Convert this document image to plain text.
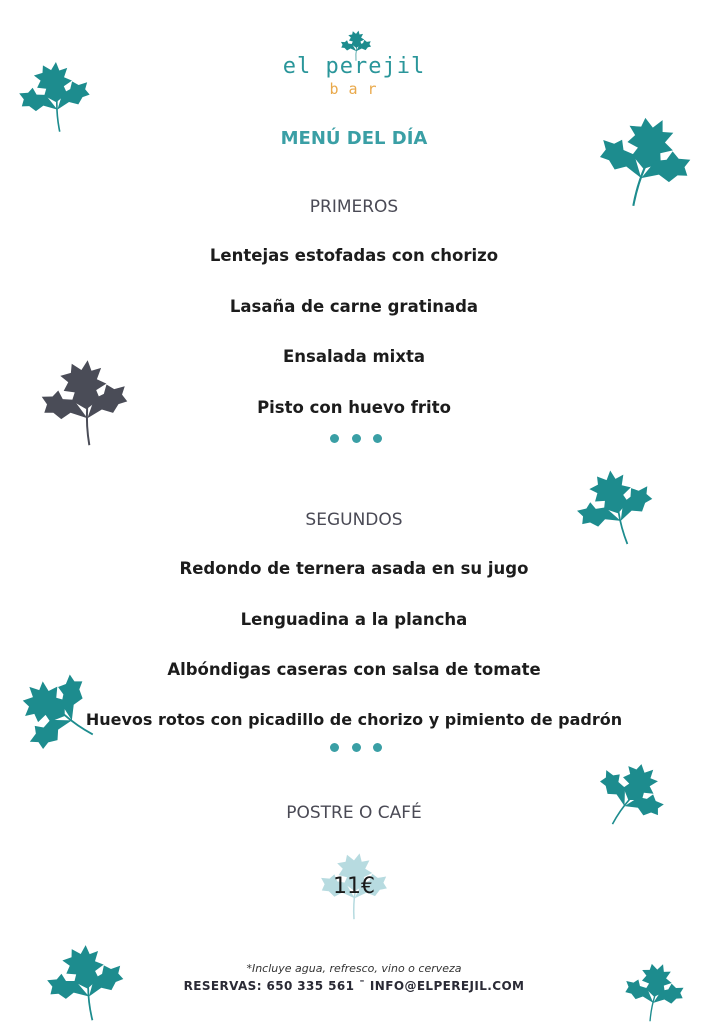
el perejil
bar
MENÚ DEL DÍA
PRIMEROS
Lentejas estofadas con chorizo
Lasaña de carne gratinada
Ensalada mixta
Pisto con huevo frito
SEGUNDOS
Redondo de ternera asada en su jugo
Lenguadina a la plancha
Albóndigas caseras con salsa de tomate
Huevos rotos con picadillo de chorizo y pimiento de padrón
POSTRE O CAFÉ
11€
*Incluye agua, refresco, vino o cerveza
RESERVAS: 650 335 561 ¯ INFO@ELPEREJIL.COM
